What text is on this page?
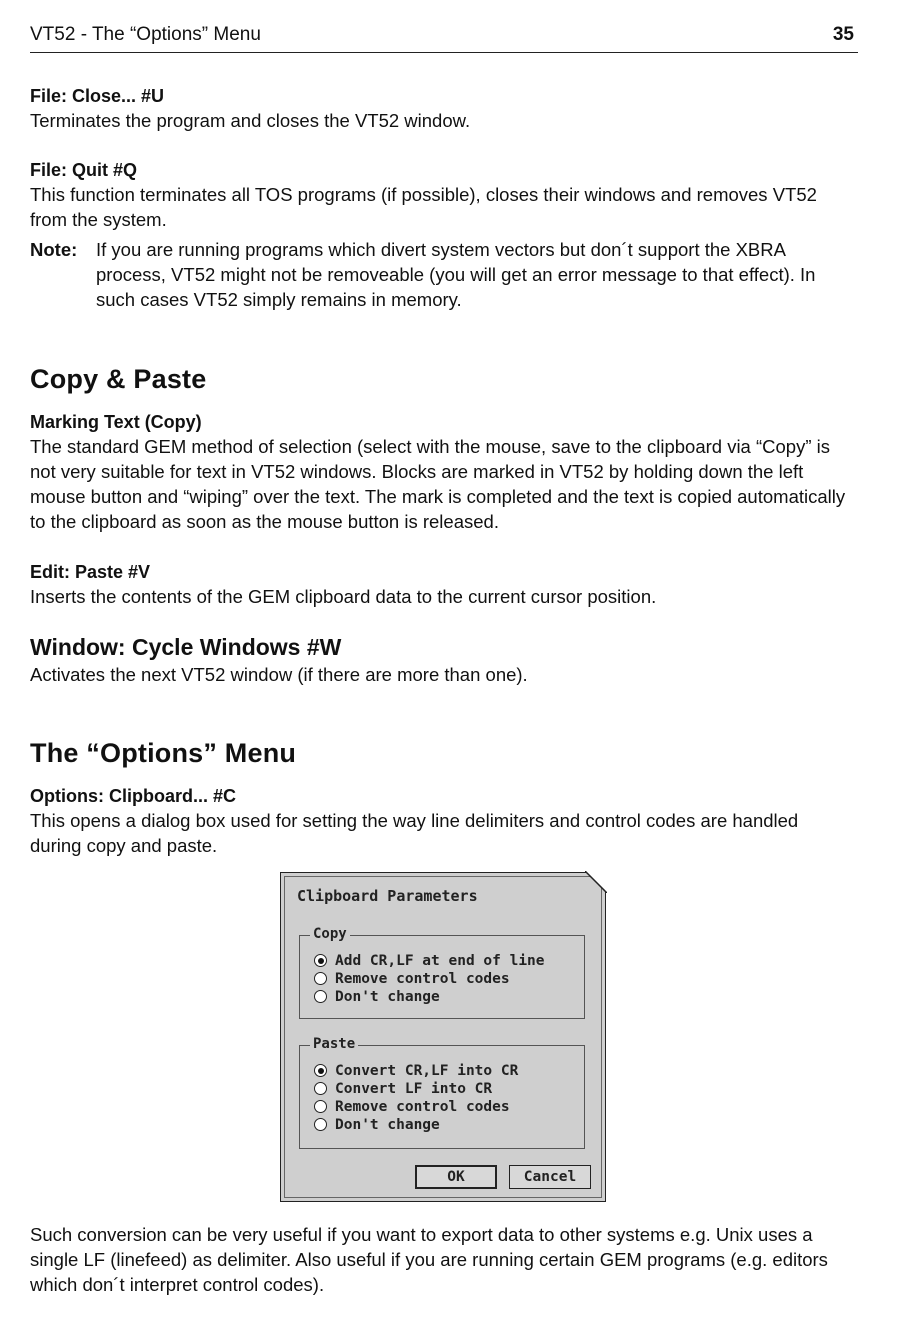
VT52 - The “Options” Menu	35
File: Close... #U
Terminates the program and closes the VT52 window.
File: Quit #Q
This function terminates all TOS programs (if possible), closes their windows and removes VT52 from the system.
Note:	If you are running programs which divert system vectors but don´t support the XBRA process, VT52 might not be removeable (you will get an error message to that effect). In such cases VT52 simply remains in memory.
Copy & Paste
Marking Text (Copy)
The standard GEM method of selection (select with the mouse, save to the clipboard via “Copy” is not very suitable for text in VT52 windows. Blocks are marked in VT52 by holding down the left mouse button and “wiping” over the text. The mark is completed and the text is copied automatically to the clipboard as soon as the mouse button is released.
Edit: Paste #V
Inserts the contents of the GEM clipboard data to the current cursor position.
Window: Cycle Windows #W
Activates the next VT52 window (if there are more than one).
The “Options” Menu
Options: Clipboard... #C
This opens a dialog box used for setting the way line delimiters and control codes are handled during copy and paste.
Clipboard Parameters
Copy
Add CR,LF at end of line
Remove control codes
Don't change
Paste
Convert CR,LF into CR
Convert LF into CR
Remove control codes
Don't change
OK	Cancel
Such conversion can be very useful if you want to export data to other systems e.g. Unix uses a single LF (linefeed) as delimiter. Also useful if you are running certain GEM programs (e.g. editors which don´t interpret control codes).
